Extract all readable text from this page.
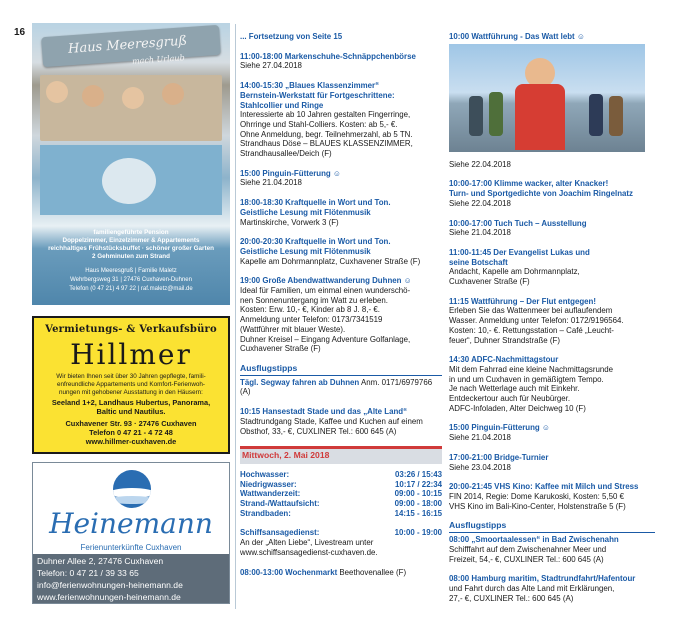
16
Haus Meeresgruß
mach Urlaub
familiengeführte Pension
Doppelzimmer, Einzelzimmer & Appartements
reichhaltiges Frühstücksbuffet · schöner großer Garten
2 Gehminuten zum Strand
Haus Meeresgruß | Familie Maletz
Wehrbergsweg 31 | 27476 Cuxhaven-Duhnen
Telefon (0 47 21) 4 97 22 | raf.maletz@mail.de
Vermietungs- & Verkaufsbüro
Hillmer
Wir bieten Ihnen seit über 30 Jahren gepflegte, famili-
enfreundliche Appartements und Komfort-Ferienwoh-
nungen mit gehobener Ausstattung in den Häusern:
Seeland 1+2, Landhaus Hubertus, Panorama,
Baltic und Nautilus.
Cuxhavener Str. 93 · 27476 Cuxhaven
Telefon 0 47 21 - 4 72 48
www.hillmer-cuxhaven.de
Heinemann
Ferienunterkünfte Cuxhaven
Duhner Allee 2, 27476 Cuxhaven
Telefon: 0 47 21 / 39 33 65
info@ferienwohnungen-heinemann.de
www.ferienwohnungen-heinemann.de
... Fortsetzung von Seite 15
11:00-18:00 Markenschuhe-Schnäppchenbörse
Siehe 27.04.2018
14:00-15:30 „Blaues Klassenzimmer“
Bernstein-Werkstatt für Fortgeschrittene:
Stahlcollier und Ringe
Interessierte ab 10 Jahren gestalten Fingerringe,
Ohrringe und Stahl-Colliers. Kosten: ab 5,- €.
Ohne Anmeldung, begr. Teilnehmerzahl, ab 5 TN.
Strandhaus Döse – BLAUES KLASSENZIMMER,
Strandhausallee/Deich (F)
15:00 Pinguin-Fütterung ☺
Siehe 21.04.2018
18:00-18:30 Kraftquelle in Wort und Ton.
Geistliche Lesung mit Flötenmusik
Martinskirche, Vorwerk 3 (F)
20:00-20:30 Kraftquelle in Wort und Ton.
Geistliche Lesung mit Flötenmusik
Kapelle am Dohrmannplatz, Cuxhavener Straße (F)
19:00 Große Abendwattwanderung Duhnen ☺
Ideal für Familien, um einmal einen wunderschö-
nen Sonnenuntergang im Watt zu erleben.
Kosten: Erw. 10,- €, Kinder ab 8 J. 8,- €.
Anmeldung unter Telefon: 0173/7341519
(Wattführer mit blauer Weste).
Duhner Kreisel – Eingang Adventure Golfanlage,
Cuxhavener Straße (F)
Ausflugstipps
Tägl. Segway fahren ab Duhnen Anm. 0171/6979766 (A)
10:15 Hansestadt Stade und das „Alte Land“
Stadtrundgang Stade, Kaffee und Kuchen auf einem
Obsthof, 33,- €, CUXLINER Tel.: 600 645 (A)
Mittwoch, 2. Mai 2018
Hochwasser:	03:26 / 15:43
Niedrigwasser:	10:17 / 22:34
Wattwanderzeit:	09:00 - 10:15
Strand-/Wattaufsicht:	09:00 - 18:00
Strandbaden:	14:15 - 16:15
Schiffsansagedienst:	10:00 - 19:00
An der „Alten Liebe“, Livestream unter
www.schiffsansagedienst-cuxhaven.de.
08:00-13:00 Wochenmarkt Beethovenallee (F)
10:00 Wattführung - Das Watt lebt ☺
Siehe 22.04.2018
10:00-17:00 Klimme wacker, alter Knacker!
Turn- und Sportgedichte von Joachim Ringelnatz
Siehe 22.04.2018
10:00-17:00 Tuch Tuch – Ausstellung
Siehe 21.04.2018
11:00-11:45 Der Evangelist Lukas und
seine Botschaft
Andacht, Kapelle am Dohrmannplatz,
Cuxhavener Straße (F)
11:15 Wattführung – Der Flut entgegen!
Erleben Sie das Wattenmeer bei auflaufendem
Wasser. Anmeldung unter Telefon: 0172/9196564.
Kosten: 10,- €. Rettungsstation – Café „Leucht-
feuer“, Duhner Strandstraße (F)
14:30 ADFC-Nachmittagstour
Mit dem Fahrrad eine kleine Nachmittagsrunde
in und um Cuxhaven in gemäßigtem Tempo.
Je nach Wetterlage auch mit Einkehr.
Entdeckertour auch für Neubürger.
ADFC-Infoladen, Alter Deichweg 10 (F)
15:00 Pinguin-Fütterung ☺
Siehe 21.04.2018
17:00-21:00 Bridge-Turnier
Siehe 23.04.2018
20:00-21:45 VHS Kino: Kaffee mit Milch und Stress
FIN 2014, Regie: Dome Karukoski, Kosten: 5,50 €
VHS Kino im Bali-Kino-Center, Holstenstraße 5 (F)
Ausflugstipps
08:00 „Smoortaalessen“ in Bad Zwischenahn
Schifffahrt auf dem Zwischenahner Meer und
Freizeit, 54,- €, CUXLINER Tel.: 600 645 (A)
08:00 Hamburg maritim, Stadtrundfahrt/Hafentour
und Fahrt durch das Alte Land mit Erklärungen,
27,- €, CUXLINER Tel.: 600 645 (A)
